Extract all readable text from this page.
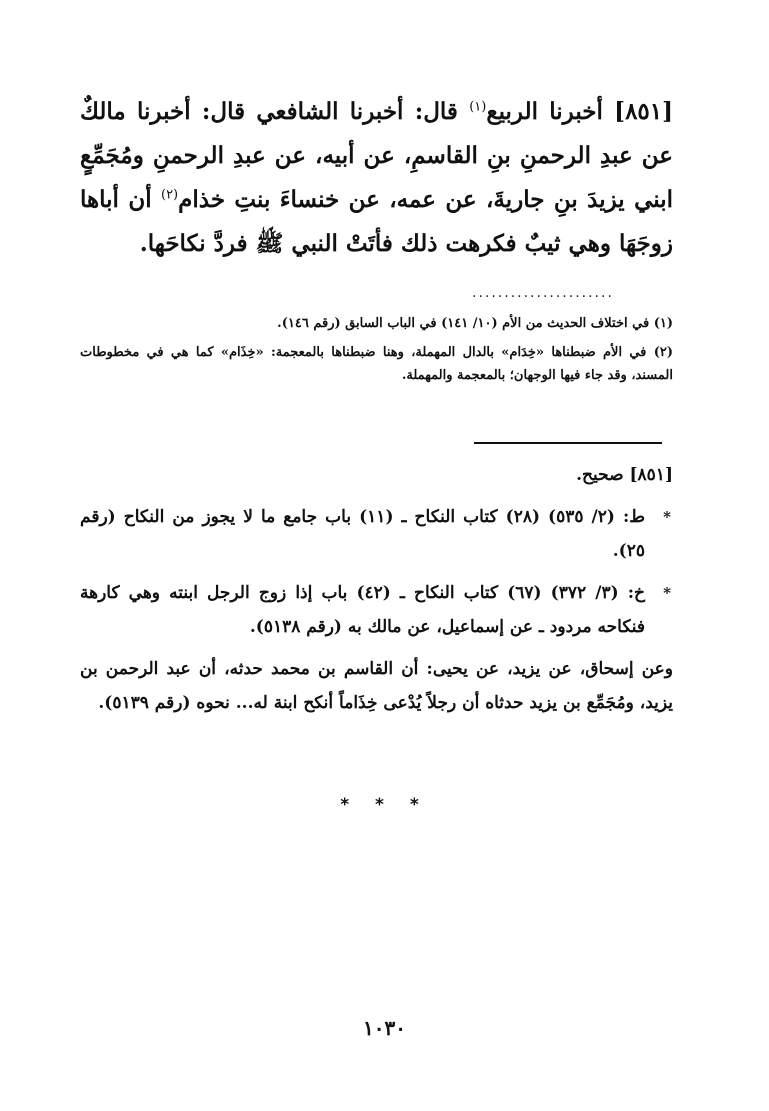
[٨٥١] أخبرنا الربيع$^{(١)}$ قال: أخبرنا الشافعي قال: أخبرنا مالكٌ عن عبدِ الرحمنِ بنِ القاسمِ، عن أبيه، عن عبدِ الرحمنِ ومُجَمِّعٍ ابني يزيدَ بنِ جاريةَ، عن عمه، عن خنساءَ بنتِ خذام$^{(٢)}$ أن أباها زوجَهَا وهي ثيبٌ فكرهت ذلك فأتَتْ النبي ﷺ فردَّ نكاحَها.
......................

(١) في اختلاف الحديث من الأم (١٠/ ١٤١) في الباب السابق (رقم ١٤٦).

(٢) في الأم ضبطناها «خِدَام» بالدال المهملة، وهنا ضبطناها بالمعجمة: «خِذَام» كما هي في مخطوطات المسند، وقد جاء فيها الوجهان؛ بالمعجمة والمهملة.

[٨٥١] صحيح.

*
ط: (٢/ ٥٣٥) (٢٨) كتاب النكاح ـ (١١) باب جامع ما لا يجوز من النكاح (رقم ٢٥).

*
خ: (٣/ ٣٧٢) (٦٧) كتاب النكاح ـ (٤٢) باب إذا زوج الرجل ابنته وهي كارهة فنكاحه مردود ـ عن إسماعيل، عن مالك به (رقم ٥١٣٨).

وعن إسحاق، عن يزيد، عن يحيى: أن القاسم بن محمد حدثه، أن عبد الرحمن بن يزيد، ومُجَمِّع بن يزيد حدثاه أن رجلاً يُدْعى خِذَاماً أنكح ابنة له... نحوه (رقم ٥١٣٩).

* * *
١٠٣٠
